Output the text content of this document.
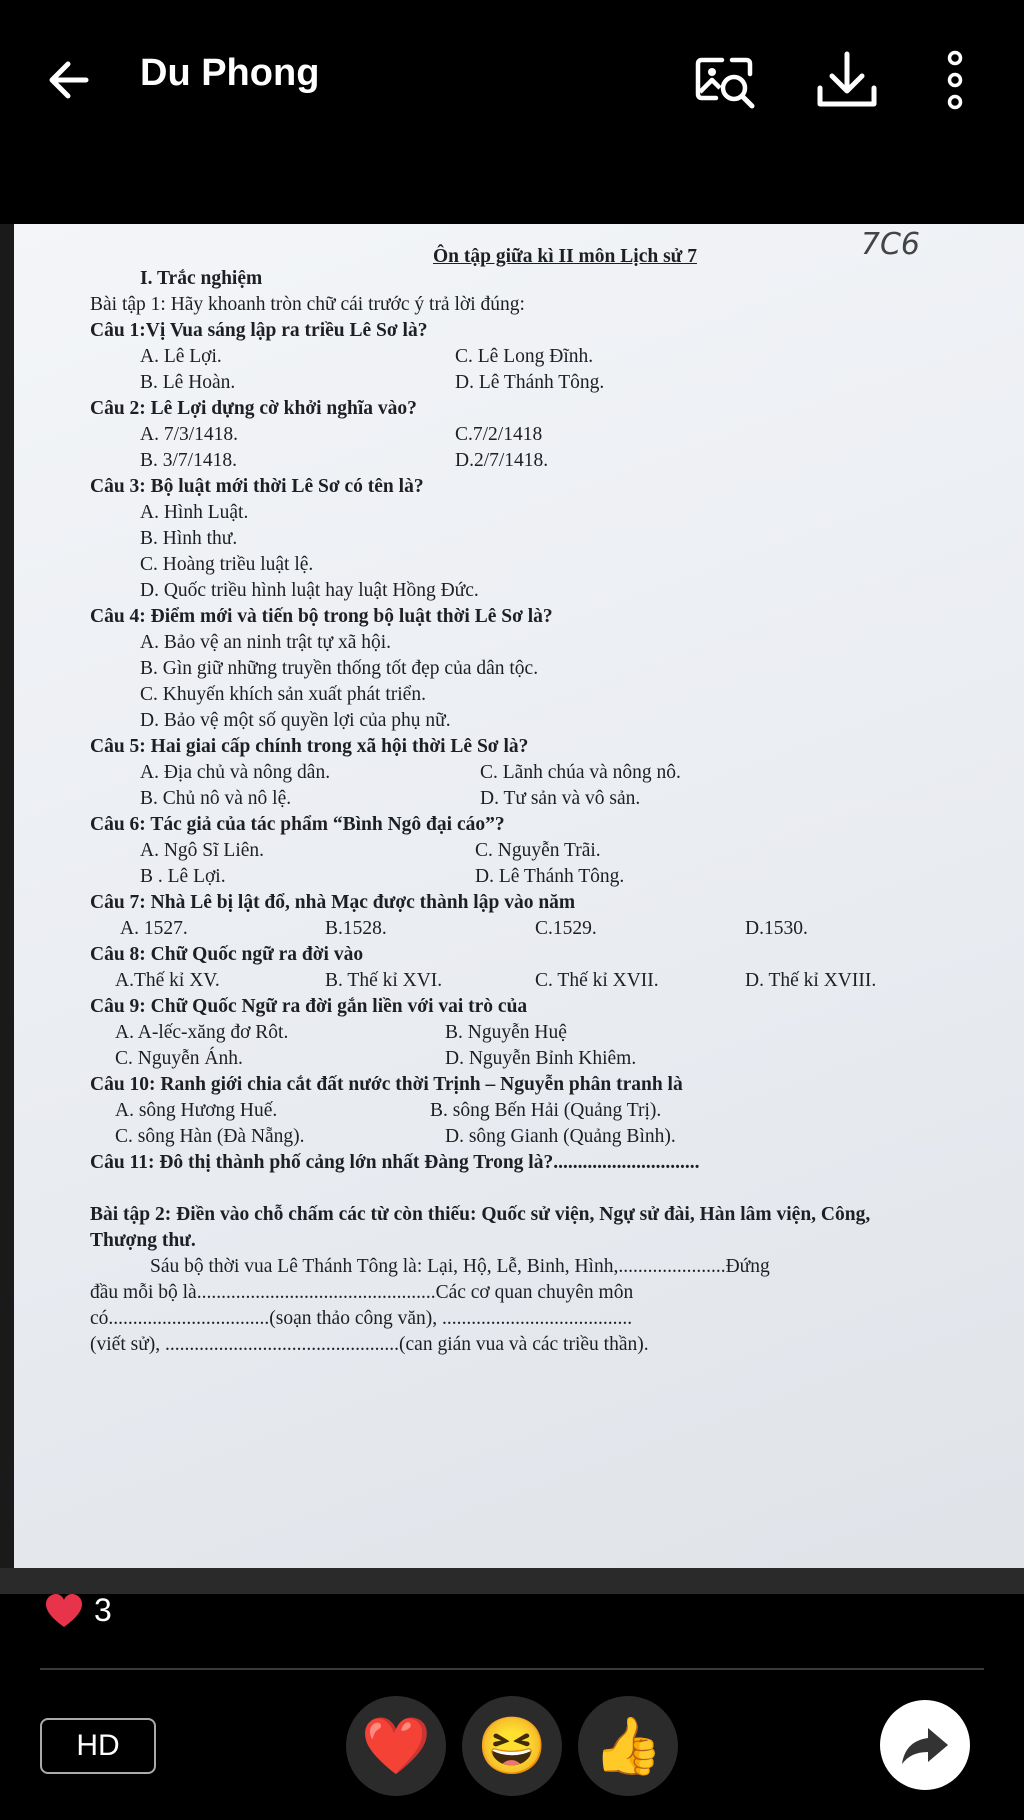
Du Phong
Ôn tập giữa kì II môn Lịch sử 7	7C6
I. Trắc nghiệm
Bài tập 1: Hãy khoanh tròn chữ cái trước ý trả lời đúng:
Câu 1:Vị Vua sáng lập ra triều Lê Sơ là?
A. Lê Lợi.	C. Lê Long Đĩnh.
B. Lê Hoàn.	D. Lê Thánh Tông.
Câu 2: Lê Lợi dựng cờ khởi nghĩa vào?
A. 7/3/1418.	C.7/2/1418
B. 3/7/1418.	D.2/7/1418.
Câu 3: Bộ luật mới thời Lê Sơ có tên là?
A. Hình Luật.
B. Hình thư.
C. Hoàng triều luật lệ.
D. Quốc triều hình luật hay luật Hồng Đức.
Câu 4: Điểm mới và tiến bộ trong bộ luật thời Lê Sơ là?
A. Bảo vệ an ninh trật tự xã hội.
B. Gìn giữ những truyền thống tốt đẹp của dân tộc.
C. Khuyến khích sản xuất phát triển.
D. Bảo vệ một số quyền lợi của phụ nữ.
Câu 5: Hai giai cấp chính trong xã hội thời Lê Sơ là?
A. Địa chủ và nông dân.	C. Lãnh chúa và nông nô.
B. Chủ nô và nô lệ.	D. Tư sản và vô sản.
Câu 6: Tác giả của tác phẩm “Bình Ngô đại cáo”?
A. Ngô Sĩ Liên.	C. Nguyễn Trãi.
B . Lê Lợi.	D. Lê Thánh Tông.
Câu 7: Nhà Lê bị lật đổ, nhà Mạc được thành lập vào năm
A. 1527.	B.1528.	C.1529.	D.1530.
Câu 8: Chữ Quốc ngữ ra đời vào
A.Thế kỉ XV.	B. Thế kỉ XVI.	C. Thế kỉ XVII.	D. Thế kỉ XVIII.
Câu 9: Chữ Quốc Ngữ ra đời gắn liền với vai trò của
A. A-lếc-xăng đơ Rôt.	B. Nguyễn Huệ
C. Nguyễn Ánh.	D. Nguyễn Bỉnh Khiêm.
Câu 10: Ranh giới chia cắt đất nước thời Trịnh – Nguyễn phân tranh là
A. sông Hương Huế.	B. sông Bến Hải (Quảng Trị).
C. sông Hàn (Đà Nẵng).	D. sông Gianh (Quảng Bình).
Câu 11: Đô thị thành phố cảng lớn nhất Đàng Trong là?..............................
Bài tập 2: Điền vào chỗ chấm các từ còn thiếu: Quốc sử viện, Ngự sử đài, Hàn lâm viện, Công, Thượng thư.
Sáu bộ thời vua Lê Thánh Tông là: Lại, Hộ, Lễ, Binh, Hình,......................Đứng
đầu mỗi bộ là.................................................Các cơ quan chuyên môn
có.................................(soạn thảo công văn), .......................................
(viết sử), ................................................(can gián vua và các triều thần).
3
HD	❤️ 😆 👍
